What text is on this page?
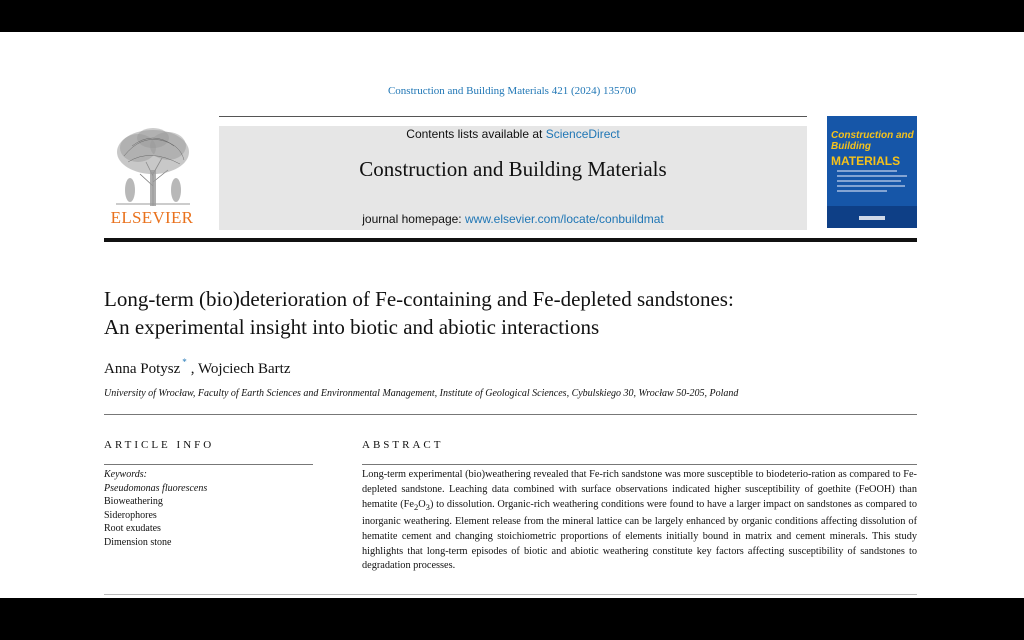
Construction and Building Materials 421 (2024) 135700
ELSEVIER
Contents lists available at ScienceDirect
Construction and Building Materials
journal homepage: www.elsevier.com/locate/conbuildmat
Construction and Building
MATERIALS
Long-term (bio)deterioration of Fe-containing and Fe-depleted sandstones:
An experimental insight into biotic and abiotic interactions
Anna Potysz * , Wojciech Bartz
University of Wrocław, Faculty of Earth Sciences and Environmental Management, Institute of Geological Sciences, Cybulskiego 30, Wrocław 50-205, Poland
ARTICLE INFO	ABSTRACT
Keywords:
Pseudomonas fluorescens
Bioweathering
Siderophores
Root exudates
Dimension stone
Long-term experimental (bio)weathering revealed that Fe-rich sandstone was more susceptible to biodeterio-ration as compared to Fe-depleted sandstone. Leaching data combined with surface observations indicated higher susceptibility of goethite (FeOOH) than hematite $(Fe_2O_3)$ to dissolution. Organic-rich weathering conditions were found to have a larger impact on sandstones as compared to inorganic weathering. Element release from the mineral lattice can be largely enhanced by organic conditions affecting dissolution of hematite cement and changing stoichiometric proportions of elements initially bound in matrix and cement minerals. This study highlights that long-term episodes of biotic and abiotic weathering constitute key factors affecting susceptibility of sandstones to degradation processes.
